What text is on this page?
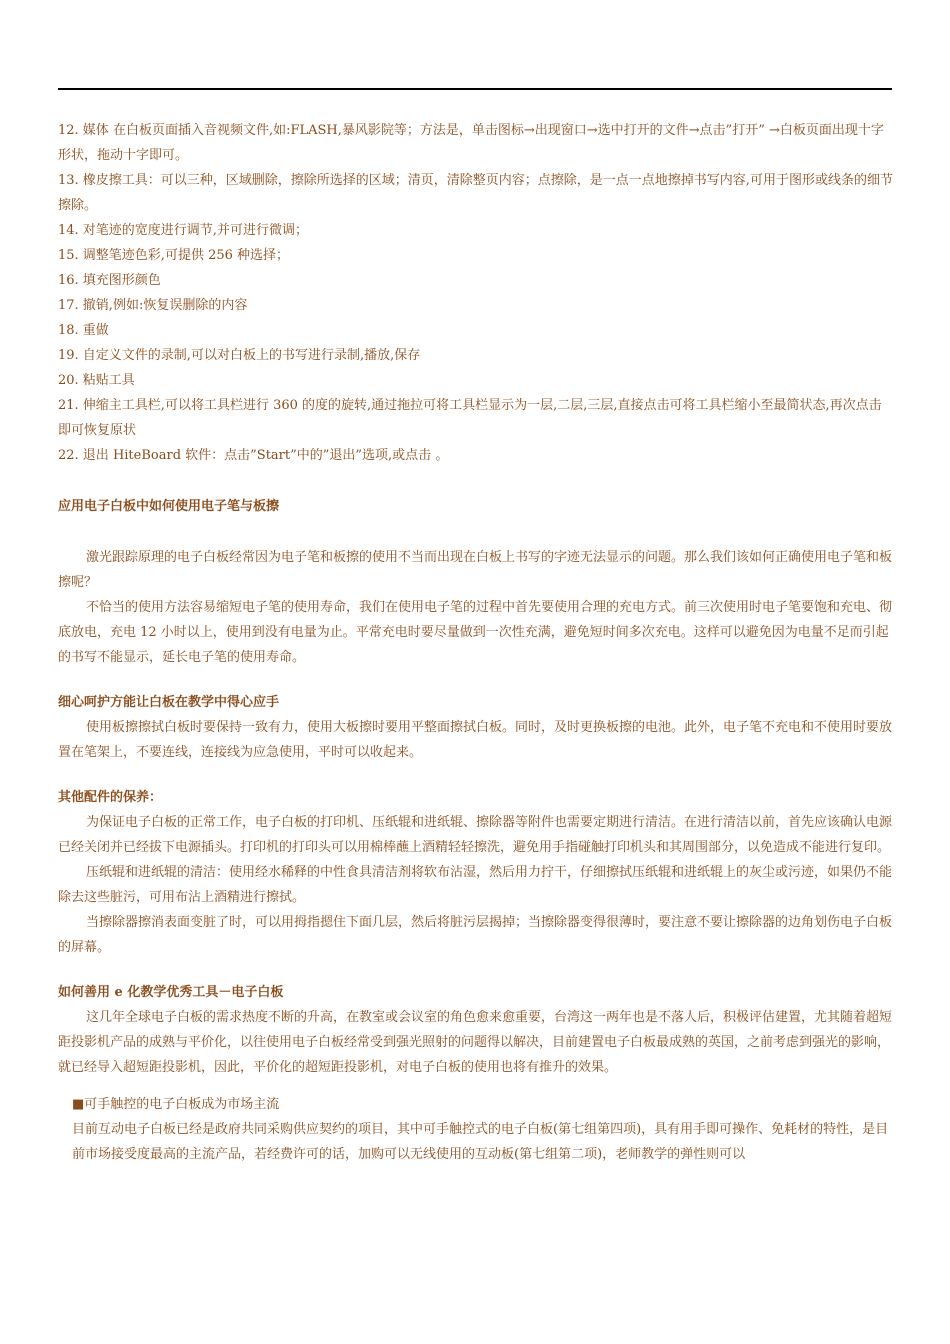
12. 媒体 在白板页面插入音视频文件,如:FLASH,暴风影院等；方法是，单击图标→出现窗口→选中打开的文件→点击”打开” →白板页面出现十字形状，拖动十字即可。

13. 橡皮擦工具：可以三种，区域删除，擦除所选择的区域；清页，清除整页内容；点擦除，是一点一点地擦掉书写内容,可用于图形或线条的细节擦除。

14. 对笔迹的宽度进行调节,并可进行微调；

15. 调整笔迹色彩,可提供 256 种选择；

16. 填充图形颜色

17. 撤销,例如:恢复误删除的内容

18. 重做

19. 自定义文件的录制,可以对白板上的书写进行录制,播放,保存

20. 粘贴工具

21. 伸缩主工具栏,可以将工具栏进行 360 的度的旋转,通过拖拉可将工具栏显示为一层,二层,三层,直接点击可将工具栏缩小至最简状态,再次点击即可恢复原状

22. 退出 HiteBoard 软件：点击”Start”中的”退出”选项,或点击 。

应用电子白板中如何使用电子笔与板擦

激光跟踪原理的电子白板经常因为电子笔和板擦的使用不当而出现在白板上书写的字迹无法显示的问题。那么我们该如何正确使用电子笔和板擦呢？

不恰当的使用方法容易缩短电子笔的使用寿命，我们在使用电子笔的过程中首先要使用合理的充电方式。前三次使用时电子笔要饱和充电、彻底放电，充电 12 小时以上，使用到没有电量为止。平常充电时要尽量做到一次性充满，避免短时间多次充电。这样可以避免因为电量不足而引起的书写不能显示，延长电子笔的使用寿命。

细心呵护方能让白板在教学中得心应手

使用板擦擦拭白板时要保持一致有力，使用大板擦时要用平整面擦拭白板。同时，及时更换板擦的电池。此外，电子笔不充电和不使用时要放置在笔架上，不要连线，连接线为应急使用，平时可以收起来。

其他配件的保养：

为保证电子白板的正常工作，电子白板的打印机、压纸辊和进纸辊、擦除器等附件也需要定期进行清洁。在进行清洁以前，首先应该确认电源已经关闭并已经拔下电源插头。打印机的打印头可以用棉棒蘸上酒精轻轻擦洗，避免用手指碰触打印机头和其周围部分，以免造成不能进行复印。

压纸辊和进纸辊的清洁：使用经水稀释的中性食具清洁剂将软布沾湿，然后用力拧干，仔细擦拭压纸辊和进纸辊上的灰尘或污迹，如果仍不能除去这些脏污，可用布沾上酒精进行擦拭。

当擦除器擦消表面变脏了时，可以用拇指摁住下面几层，然后将脏污层揭掉；当擦除器变得很薄时，要注意不要让擦除器的边角划伤电子白板的屏幕。

如何善用 e 化教学优秀工具－电子白板

这几年全球电子白板的需求热度不断的升高，在教室或会议室的角色愈来愈重要，台湾这一两年也是不落人后，积极评估建置，尤其随着超短距投影机产品的成熟与平价化，以往使用电子白板经常受到强光照射的问题得以解决，目前建置电子白板最成熟的英国，之前考虑到强光的影响，就已经导入超短距投影机，因此，平价化的超短距投影机，对电子白板的使用也将有推升的效果。

■可手触控的电子白板成为市场主流

目前互动电子白板已经是政府共同采购供应契约的项目，其中可手触控式的电子白板(第七组第四项)，具有用手即可操作、免耗材的特性，是目前市场接受度最高的主流产品，若经费许可的话，加购可以无线使用的互动板(第七组第二项)，老师教学的弹性则可以
